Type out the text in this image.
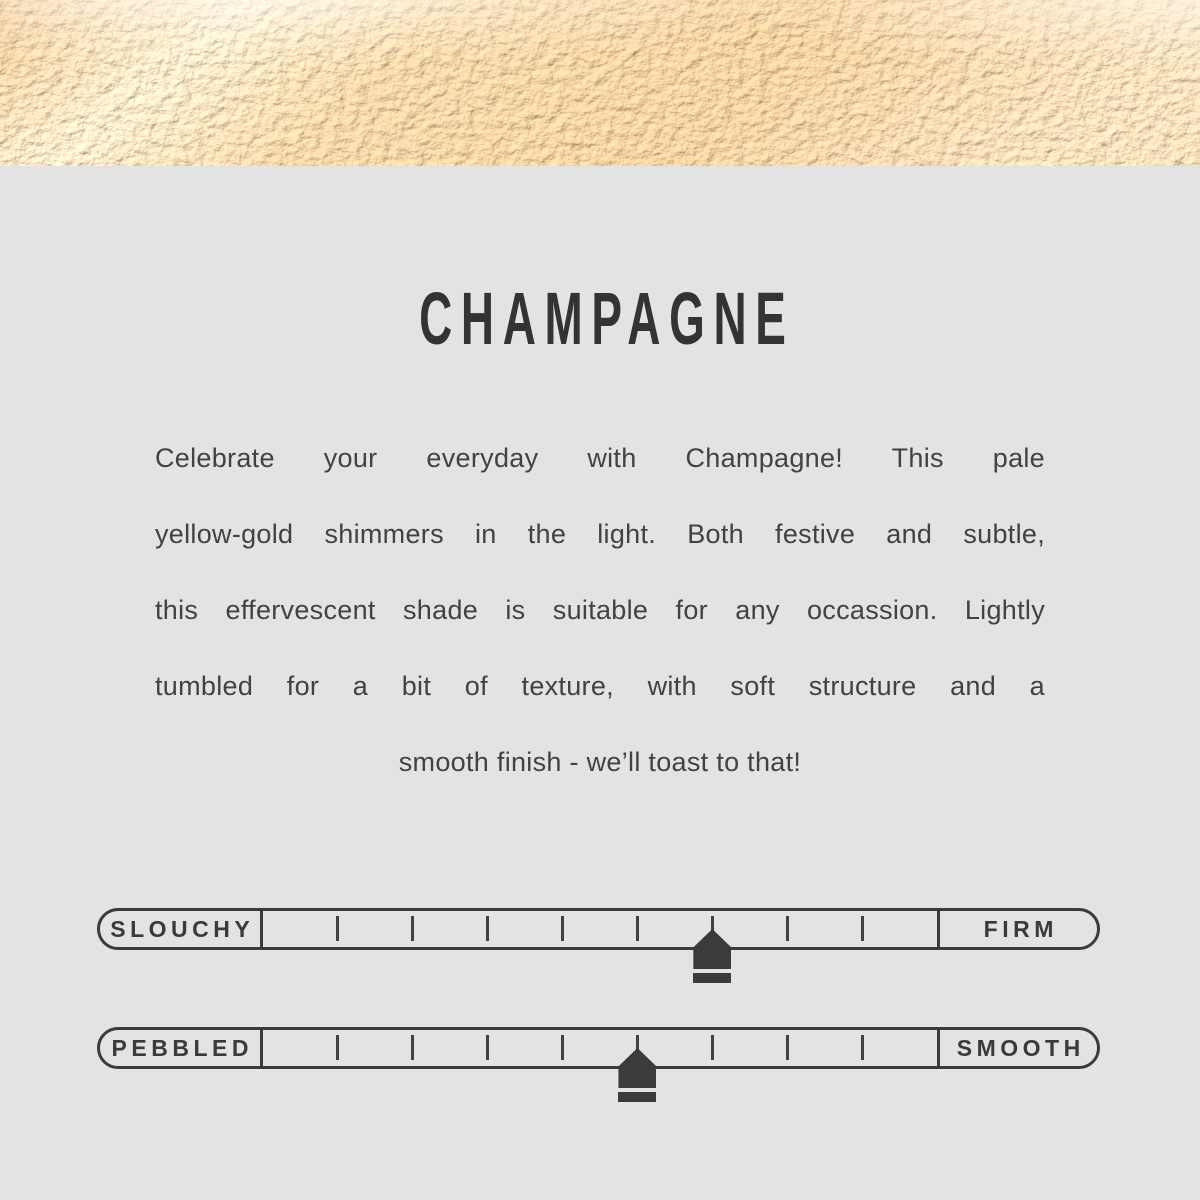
CHAMPAGNE
Celebrate your everyday with Champagne! This pale
yellow-gold shimmers in the light. Both festive and subtle,
this effervescent shade is suitable for any occassion. Lightly
tumbled for a bit of texture, with soft structure and a
smooth finish - we’ll toast to that!
SLOUCHY	FIRM
PEBBLED	SMOOTH
